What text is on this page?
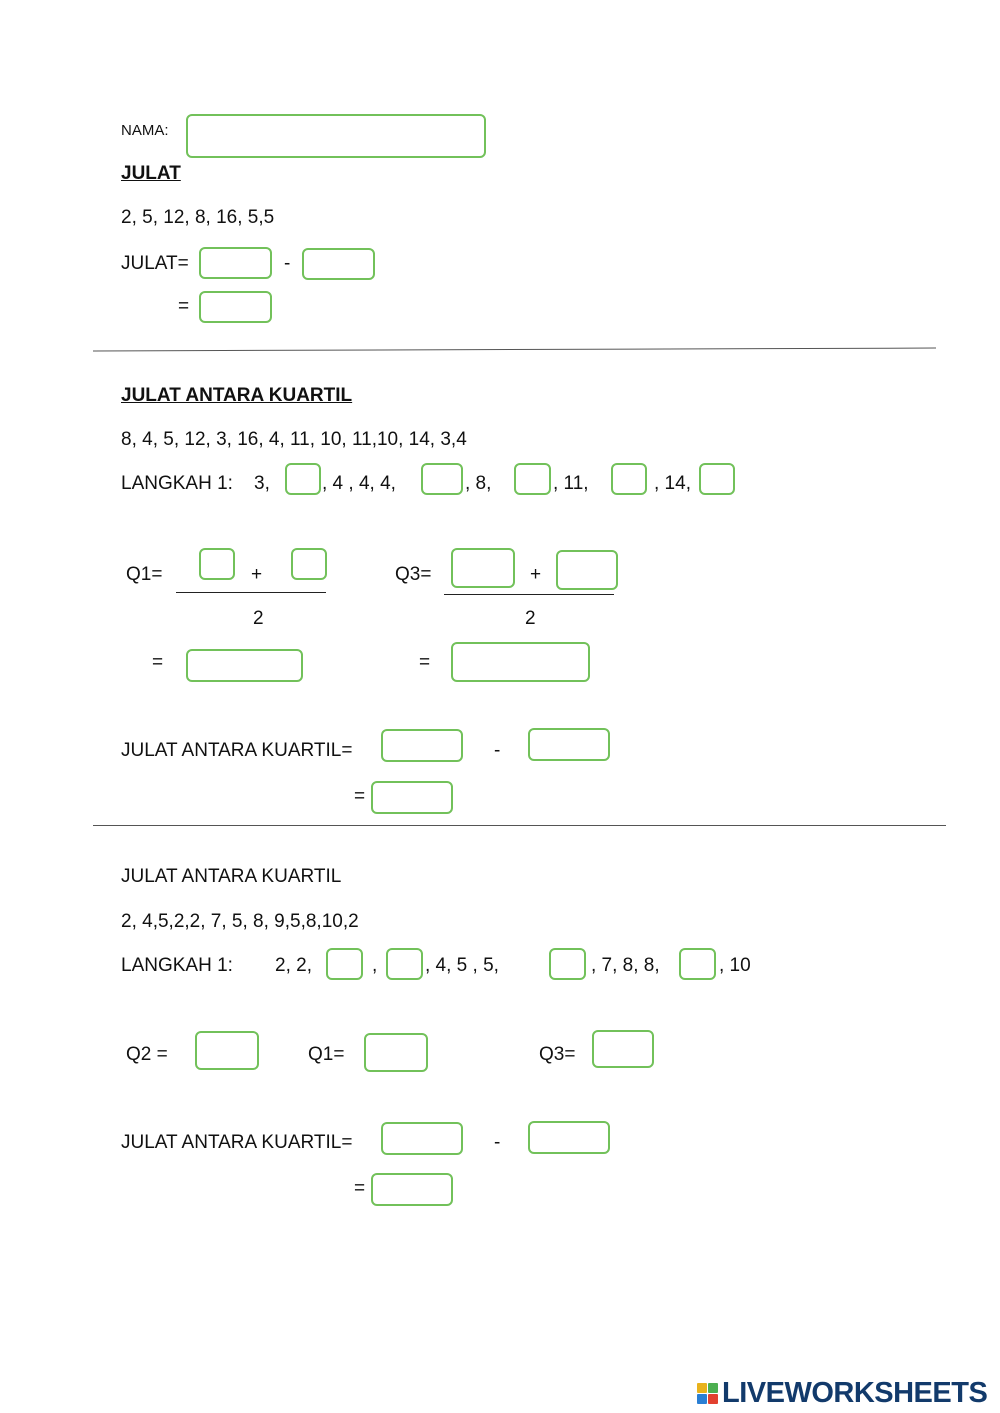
NAMA:
JULAT
2, 5, 12, 8, 16, 5,5
JULAT=	-
=
JULAT ANTARA KUARTIL
8, 4, 5, 12, 3, 16, 4, 11, 10, 11,10, 14, 3,4
LANGKAH 1: 3,	, 4 , 4, 4,	, 8,	, 11,	, 14,
Q1=	+
2
Q3=	+
2
=	=
JULAT ANTARA KUARTIL=	-
=
JULAT ANTARA KUARTIL
2, 4,5,2,2, 7, 5, 8, 9,5,8,10,2
LANGKAH 1: 2, 2,	,	, 4, 5 , 5,	, 7, 8, 8,	, 10
Q2 =	Q1=	Q3=
JULAT ANTARA KUARTIL=	-
=
LIVEWORKSHEETS
